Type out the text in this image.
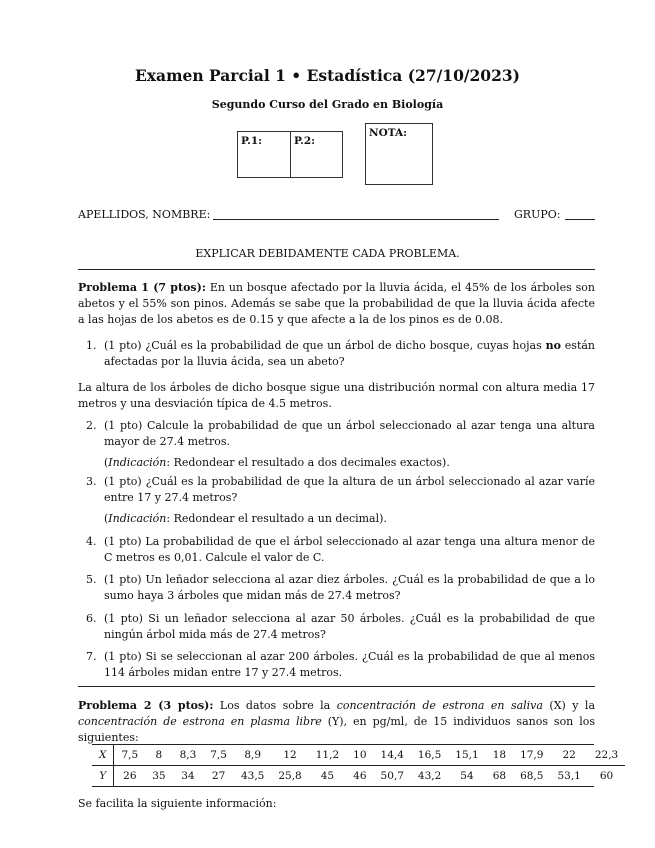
Examen Parcial 1 • Estadística (27/10/2023)
Segundo Curso del Grado en Biología
P.1:	P.2:
NOTA:
APELLIDOS, NOMBRE:	GRUPO:
EXPLICAR DEBIDAMENTE CADA PROBLEMA.
Problema 1 (7 ptos): En un bosque afectado por la lluvia ácida, el 45% de los árboles son abetos y el 55% son pinos. Además se sabe que la probabilidad de que la lluvia ácida afecte a las hojas de los abetos es de 0.15 y que afecte a la de los pinos es de 0.08.
1. (1 pto) ¿Cuál es la probabilidad de que un árbol de dicho bosque, cuyas hojas no están afectadas por la lluvia ácida, sea un abeto?
La altura de los árboles de dicho bosque sigue una distribución normal con altura media 17 metros y una desviación típica de 4.5 metros.
2. (1 pto) Calcule la probabilidad de que un árbol seleccionado al azar tenga una altura mayor de 27.4 metros.
(Indicación: Redondear el resultado a dos decimales exactos).
3. (1 pto) ¿Cuál es la probabilidad de que la altura de un árbol seleccionado al azar varíe entre 17 y 27.4 metros?
(Indicación: Redondear el resultado a un decimal).
4. (1 pto) La probabilidad de que el árbol seleccionado al azar tenga una altura menor de C metros es 0,01. Calcule el valor de C.
5. (1 pto) Un leñador selecciona al azar diez árboles. ¿Cuál es la probabilidad de que a lo sumo haya 3 árboles que midan más de 27.4 metros?
6. (1 pto) Si un leñador selecciona al azar 50 árboles. ¿Cuál es la probabilidad de que ningún árbol mida más de 27.4 metros?
7. (1 pto) Si se seleccionan al azar 200 árboles. ¿Cuál es la probabilidad de que al menos 114 árboles midan entre 17 y 27.4 metros.
Problema 2 (3 ptos): Los datos sobre la concentración de estrona en saliva (X) y la concentración de estrona en plasma libre (Y), en pg/ml, de 15 individuos sanos son los siguientes:
X	7,5	8	8,3	7,5	8,9	12	11,2	10	14,4	16,5	15,1	18	17,9	22	22,3
Y	26	35	34	27	43,5	25,8	45	46	50,7	43,2	54	68	68,5	53,1	60
Se facilita la siguiente información:
